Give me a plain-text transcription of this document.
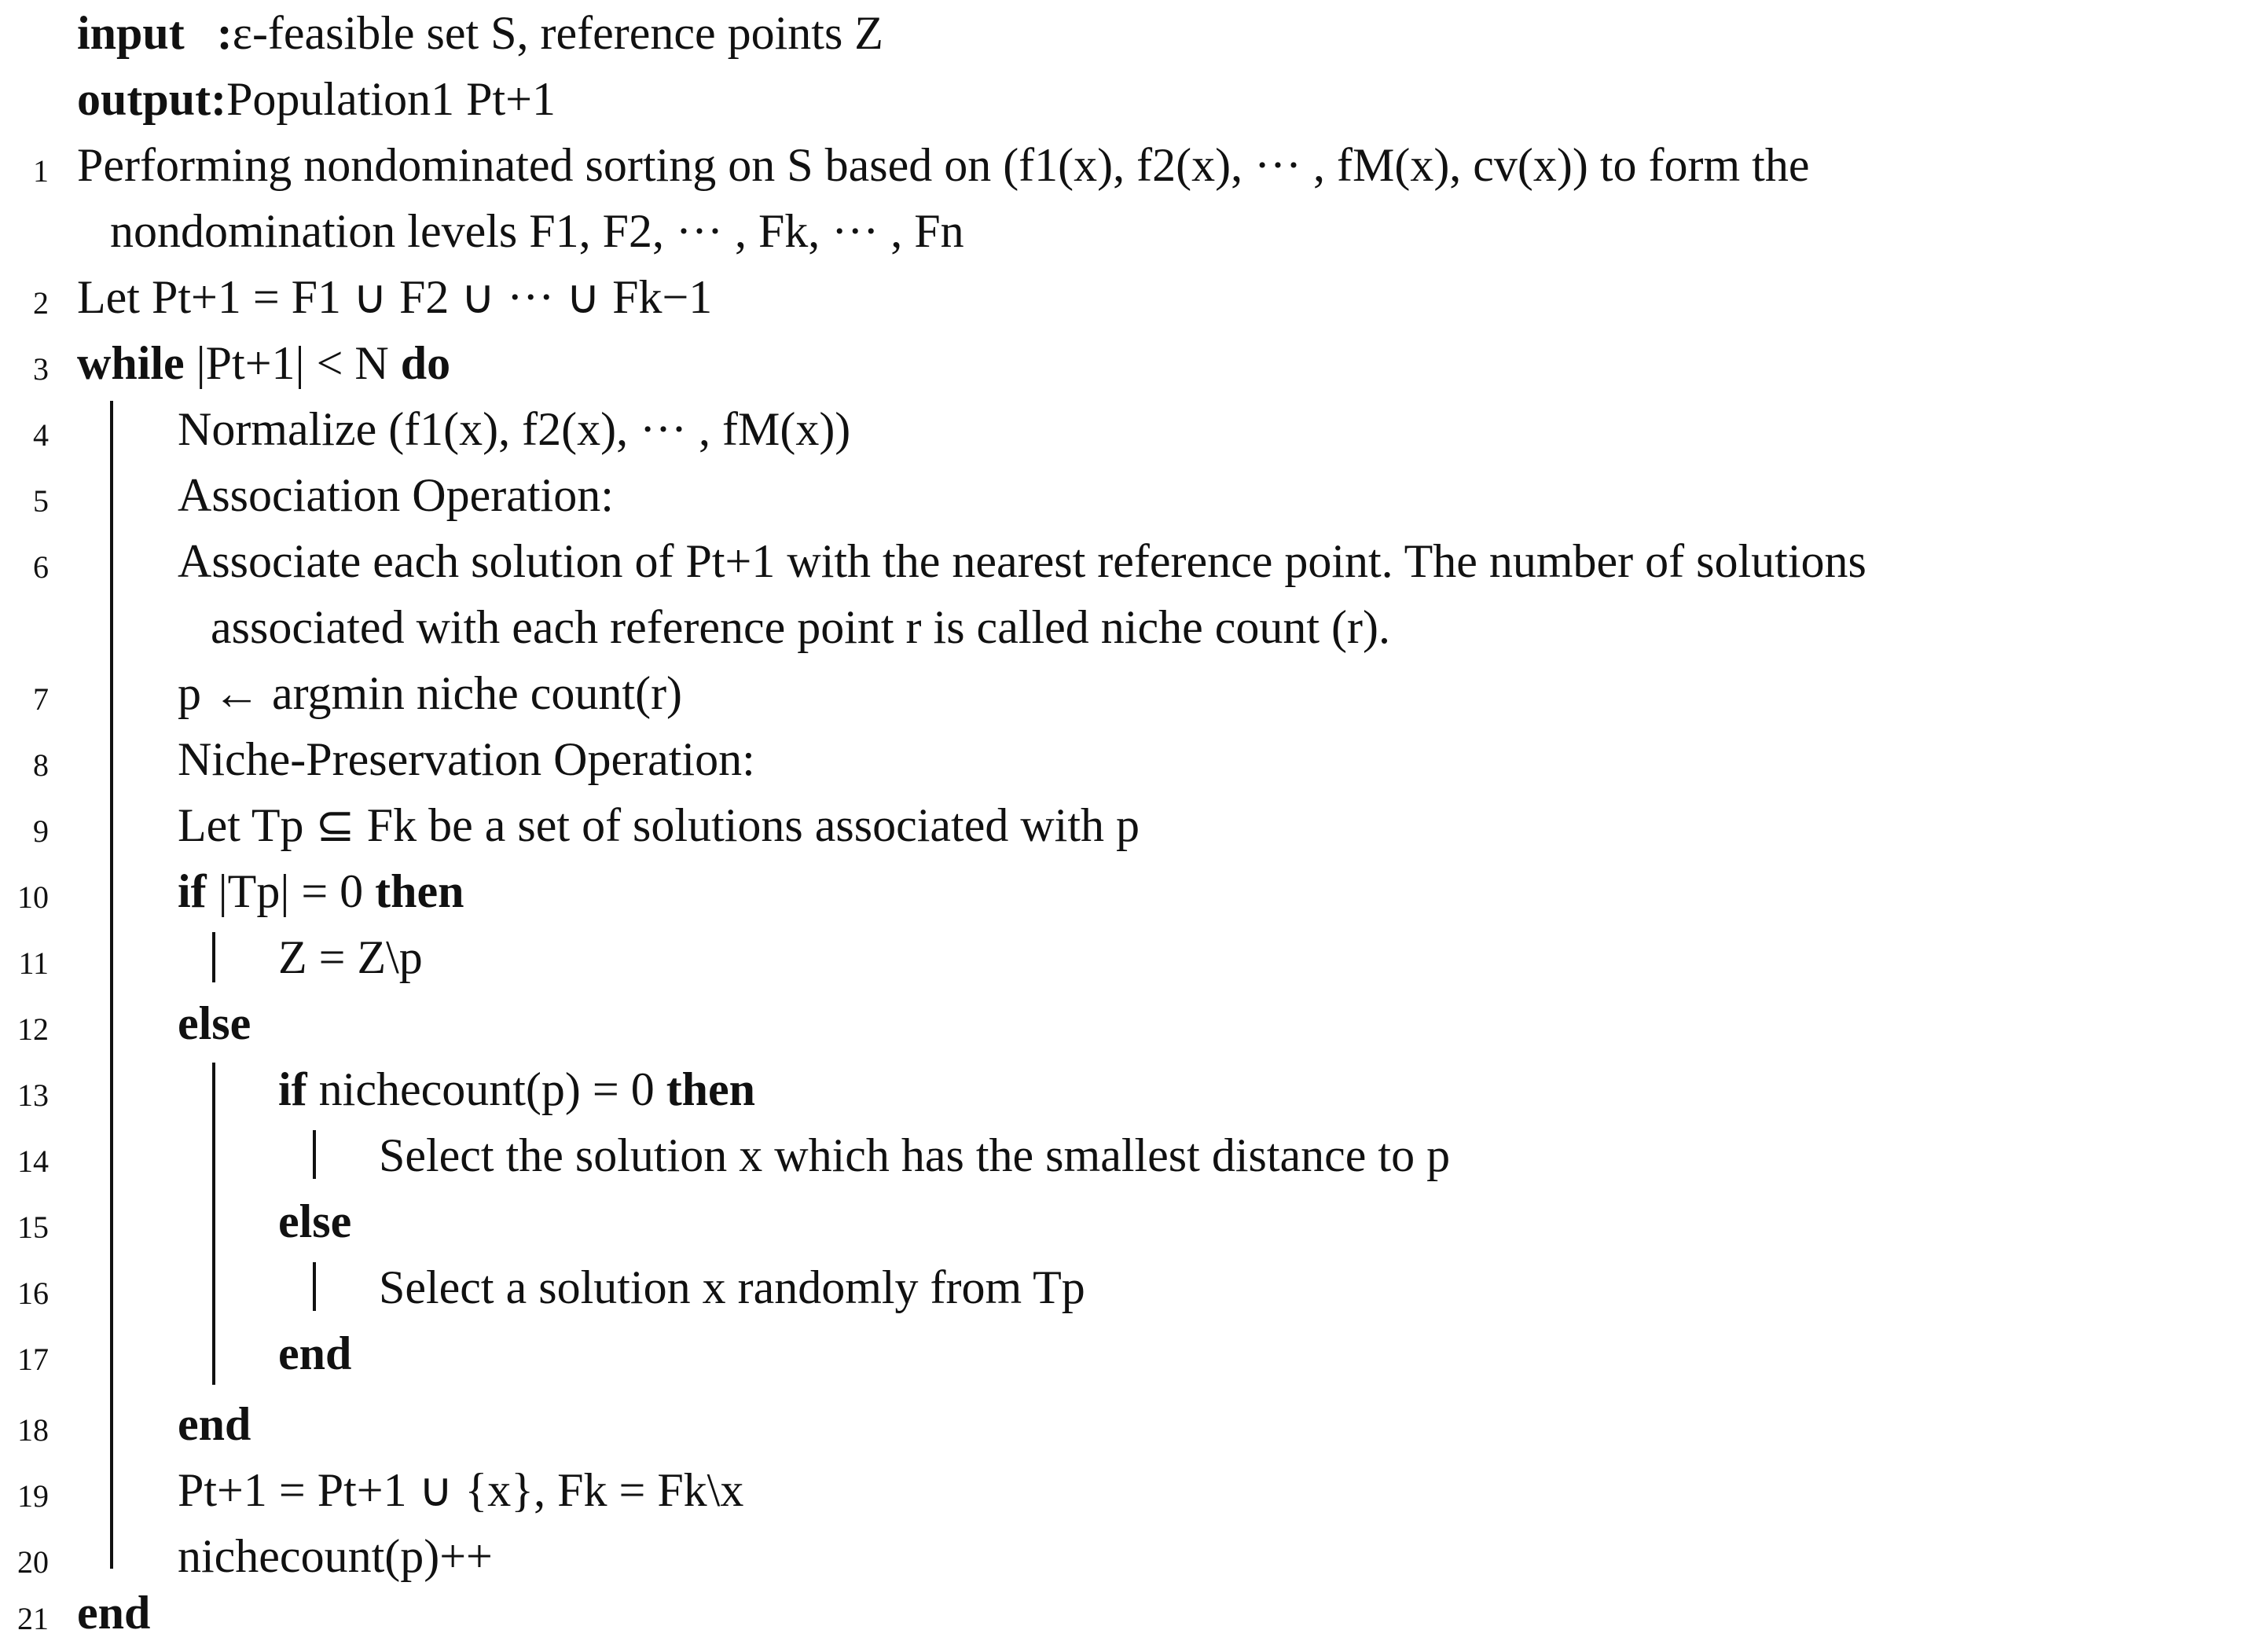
input :ε-feasible set S, reference points Z
output:Population1 Pt+1
1 Performing nondominated sorting on S based on (f1(x), f2(x), ··· , fM(x), cv(x)) to form the
nondomination levels F1, F2, ··· , Fk, ··· , Fn
2 Let Pt+1 = F1 ∪ F2 ∪ ··· ∪ Fk−1
3 while |Pt+1| < N do
4	Normalize (f1(x), f2(x), ··· , fM(x))
5	Association Operation:
6	Associate each solution of Pt+1 with the nearest reference point. The number of solutions
associated with each reference point r is called niche count (r).
7	p ← argmin niche count(r)
8	Niche-Preservation Operation:
9	Let Tp ⊆ Fk be a set of solutions associated with p
10	if |Tp| = 0 then
11	Z = Z\p
12	else
13	if nichecount(p) = 0 then
14	Select the solution x which has the smallest distance to p
15	else
16	Select a solution x randomly from Tp
17	end
18	end
19	Pt+1 = Pt+1 ∪ {x}, Fk = Fk\x
20	nichecount(p)++
21 end
